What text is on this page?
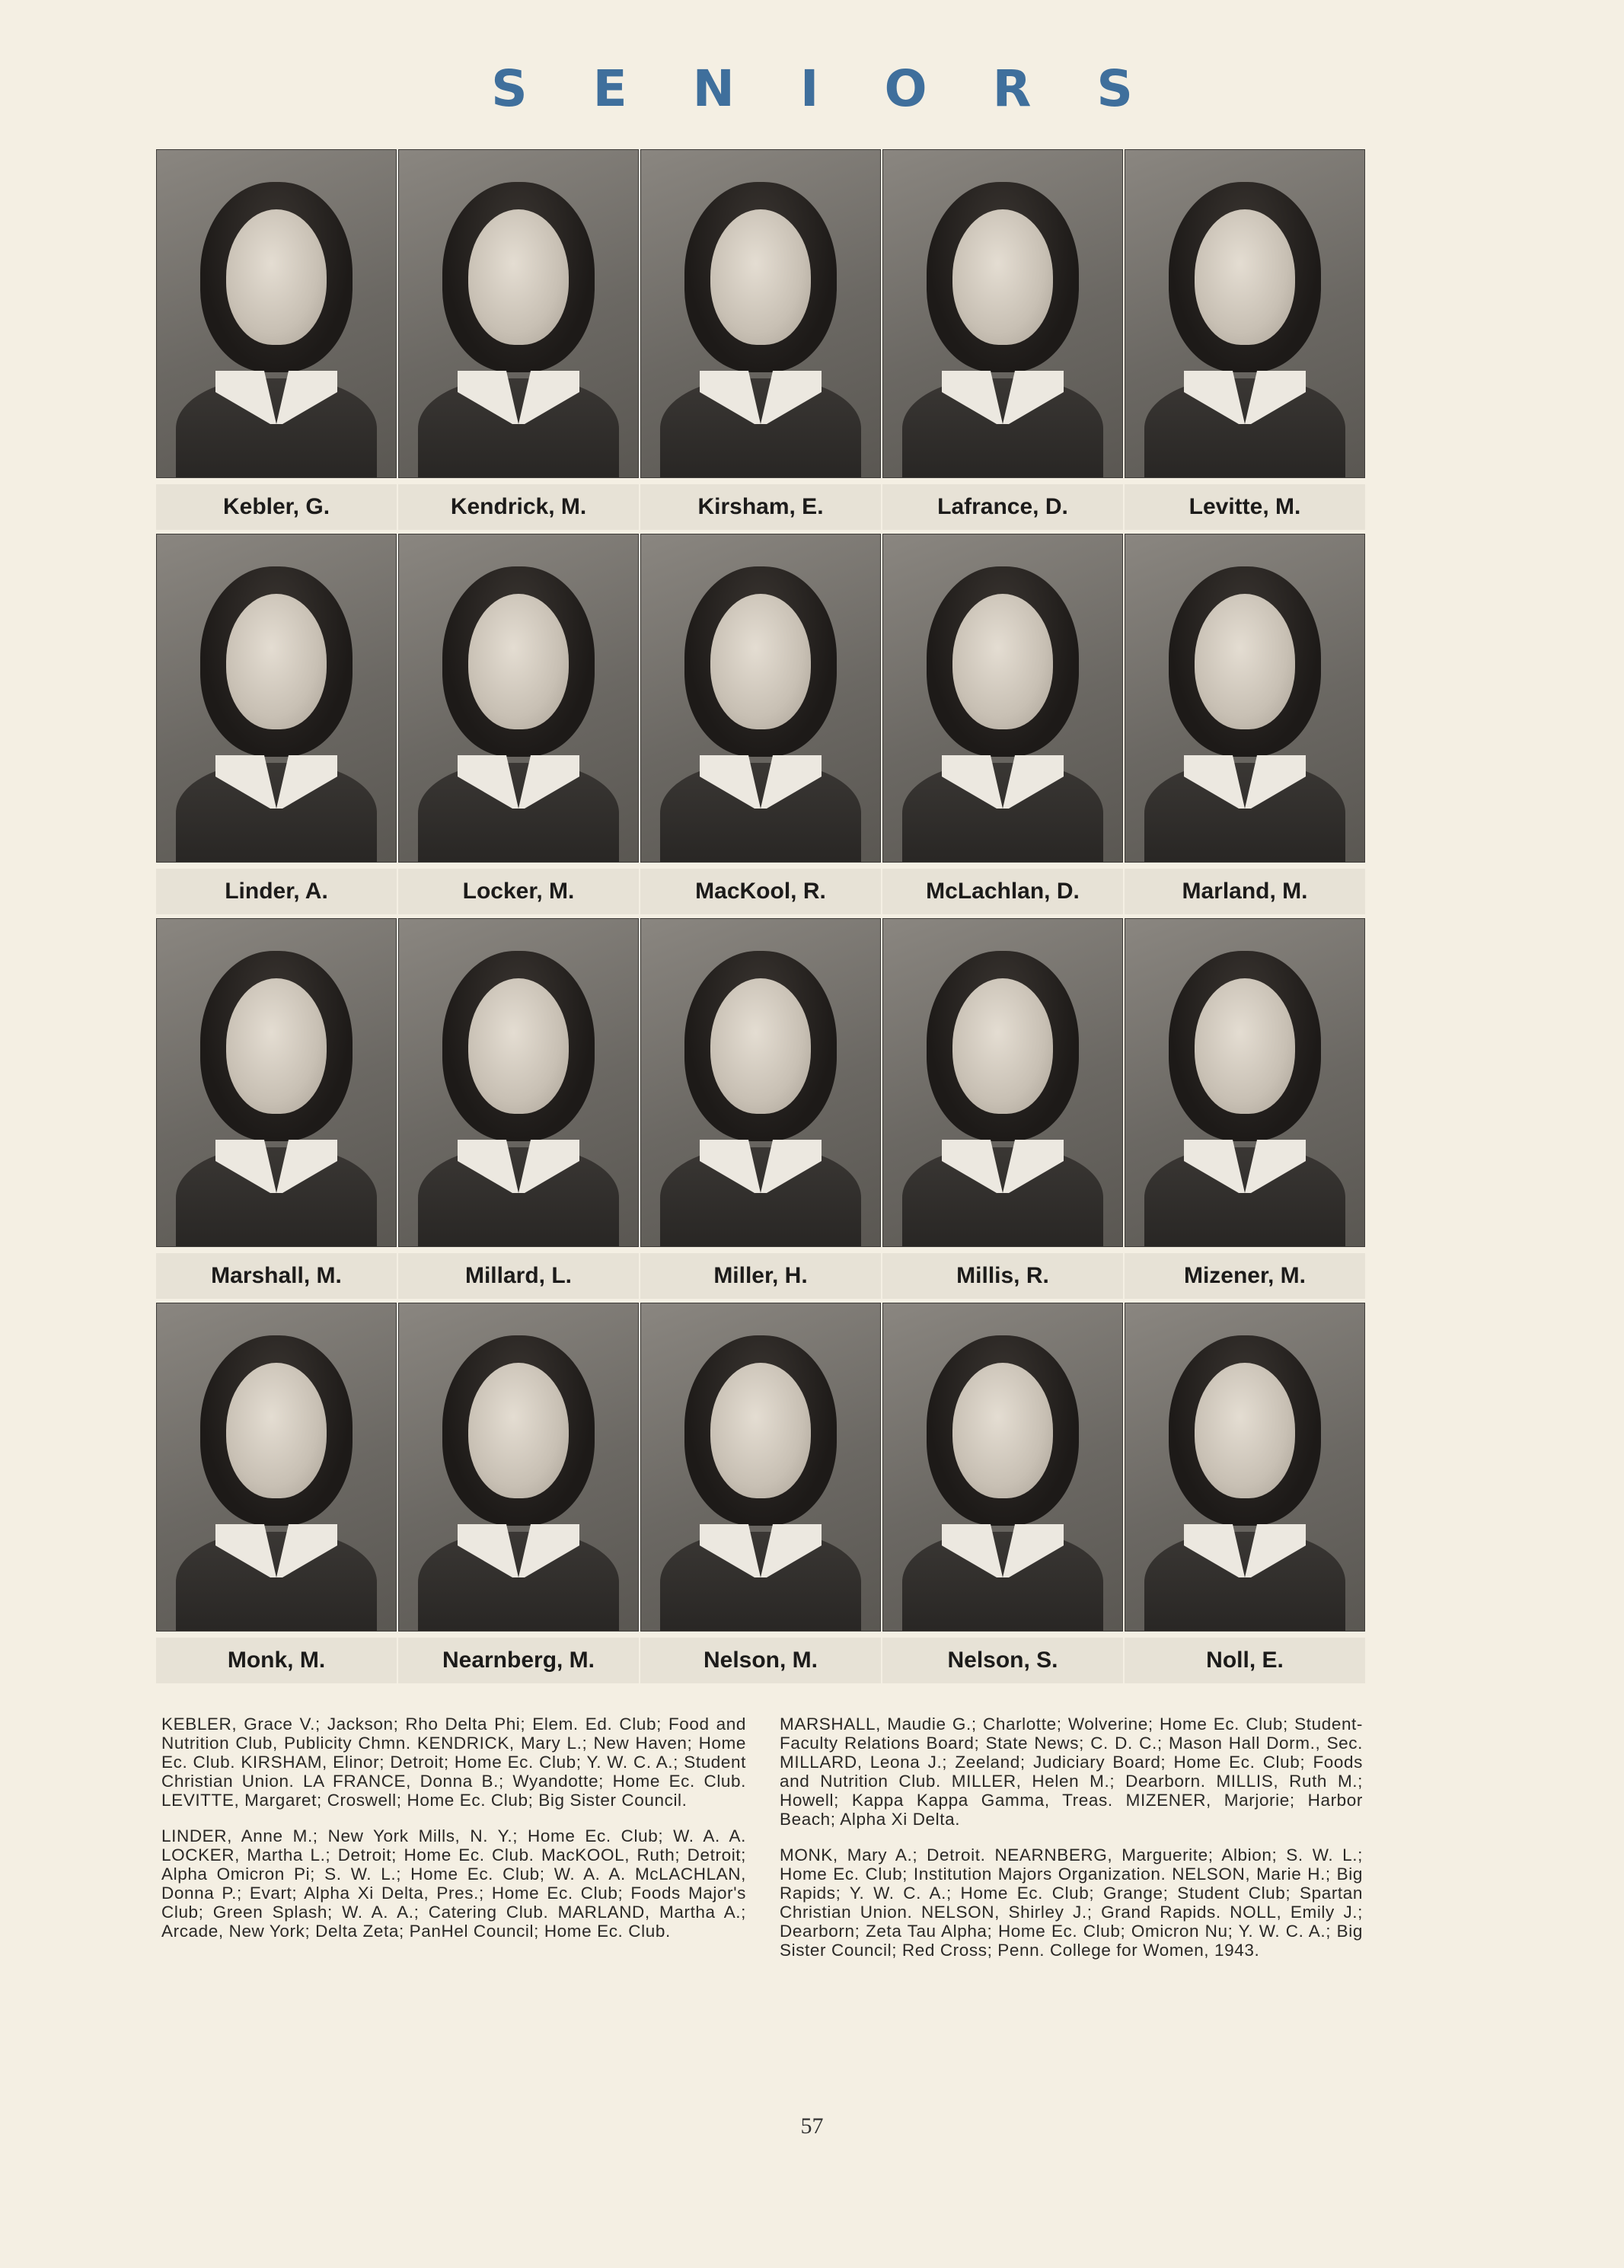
SENIORS
Kebler, G.	Kendrick, M.	Kirsham, E.	Lafrance, D.	Levitte, M.
Linder, A.	Locker, M.	MacKool, R.	McLachlan, D.	Marland, M.
Marshall, M.	Millard, L.	Miller, H.	Millis, R.	Mizener, M.
Monk, M.	Nearnberg, M.	Nelson, M.	Nelson, S.	Noll, E.

KEBLER, Grace V.; Jackson; Rho Delta Phi; Elem. Ed. Club; Food and Nutrition Club, Publicity Chmn. KENDRICK, Mary L.; New Haven; Home Ec. Club. KIRSHAM, Elinor; Detroit; Home Ec. Club; Y. W. C. A.; Student Christian Union. LA FRANCE, Donna B.; Wyandotte; Home Ec. Club. LEVITTE, Margaret; Croswell; Home Ec. Club; Big Sister Council.

LINDER, Anne M.; New York Mills, N. Y.; Home Ec. Club; W. A. A. LOCKER, Martha L.; Detroit; Home Ec. Club. MacKOOL, Ruth; Detroit; Alpha Omicron Pi; S. W. L.; Home Ec. Club; W. A. A. McLACHLAN, Donna P.; Evart; Alpha Xi Delta, Pres.; Home Ec. Club; Foods Major's Club; Green Splash; W. A. A.; Catering Club. MARLAND, Martha A.; Arcade, New York; Delta Zeta; PanHel Council; Home Ec. Club.

MARSHALL, Maudie G.; Charlotte; Wolverine; Home Ec. Club; Student-Faculty Relations Board; State News; C. D. C.; Mason Hall Dorm., Sec. MILLARD, Leona J.; Zeeland; Judiciary Board; Home Ec. Club; Foods and Nutrition Club. MILLER, Helen M.; Dearborn. MILLIS, Ruth M.; Howell; Kappa Kappa Gamma, Treas. MIZENER, Marjorie; Harbor Beach; Alpha Xi Delta.

MONK, Mary A.; Detroit. NEARNBERG, Marguerite; Albion; S. W. L.; Home Ec. Club; Institution Majors Organization. NELSON, Marie H.; Big Rapids; Y. W. C. A.; Home Ec. Club; Grange; Student Club; Spartan Christian Union. NELSON, Shirley J.; Grand Rapids. NOLL, Emily J.; Dearborn; Zeta Tau Alpha; Home Ec. Club; Omicron Nu; Y. W. C. A.; Big Sister Council; Red Cross; Penn. College for Women, 1943.

57
